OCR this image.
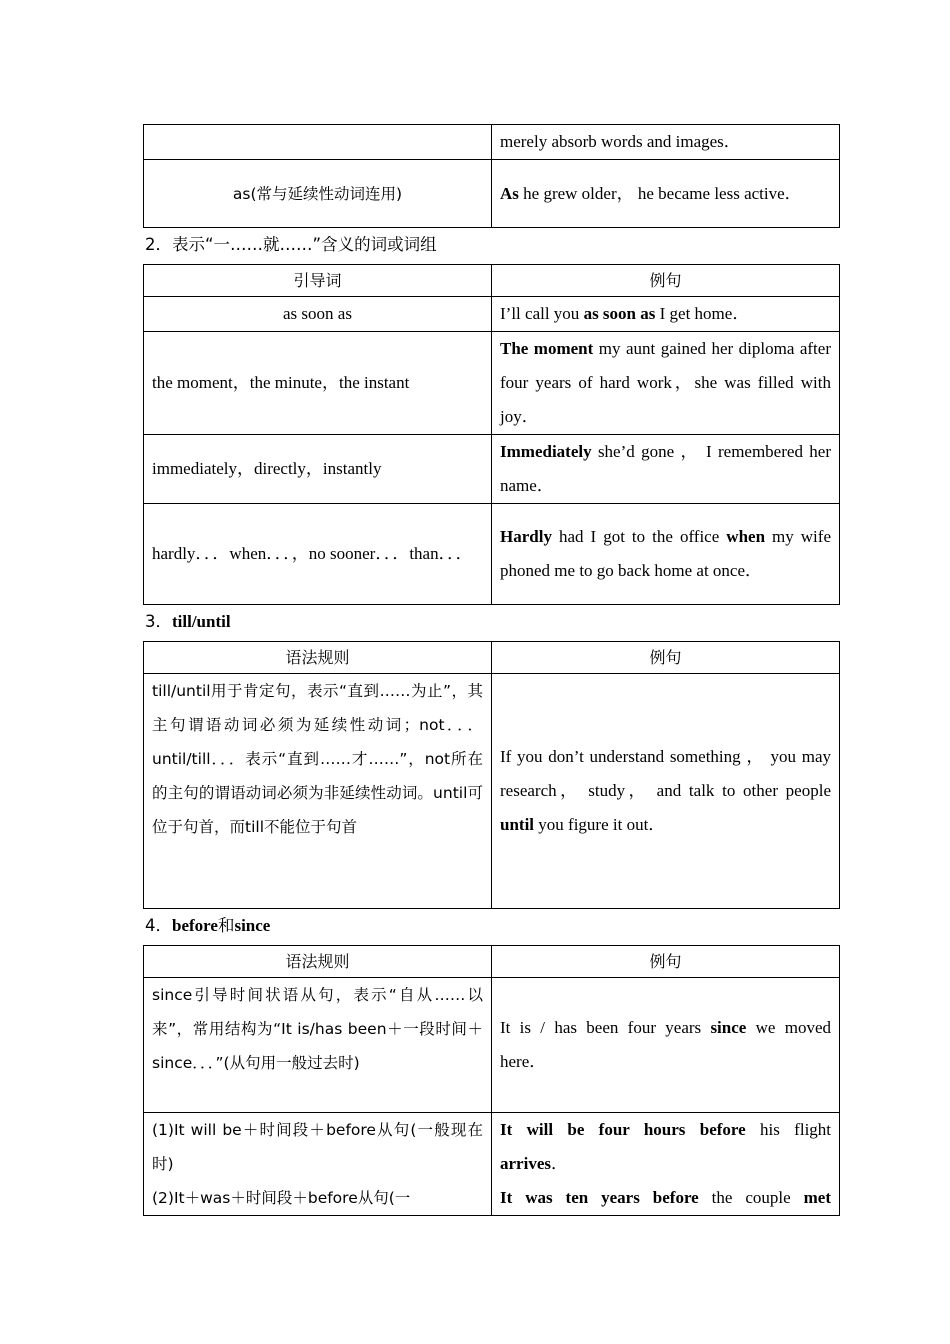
	merely absorb words and images．
as(常与延续性动词连用)	As he grew older， he became less active．
2．表示“一……就……”含义的词或词组
引导词	例句
as soon as	I’ll call you as soon as I get home．
the moment，the minute，the instant	The moment my aunt gained her diploma after four years of hard work，she was filled with joy．
immediately，directly，instantly	Immediately she’d gone ， I remembered her name．
hardly．．．when．．．，no sooner．．．than．．．	Hardly had I got to the office when my wife phoned me to go back home at once．
3．till/until
语法规则	例句
till/until用于肯定句，表示“直到……为止”，其主句谓语动词必须为延续性动词；not．．．until/till．．．表示“直到……才……”，not所在的主句的谓语动词必须为非延续性动词。until可位于句首，而till不能位于句首	If you don’t understand something ， you may research， study， and talk to other people until you figure it out．
4．before和since
语法规则	例句
since引导时间状语从句，表示“自从……以来”，常用结构为“It is/has been＋一段时间＋since．．．”(从句用一般过去时)	It is / has been four years since we moved here．

(1)It will be＋时间段＋before从句(一般现在时)
(2)It＋was＋时间段＋before从句(一	It will be four hours before his flight arrives．
It was ten years before the couple met
